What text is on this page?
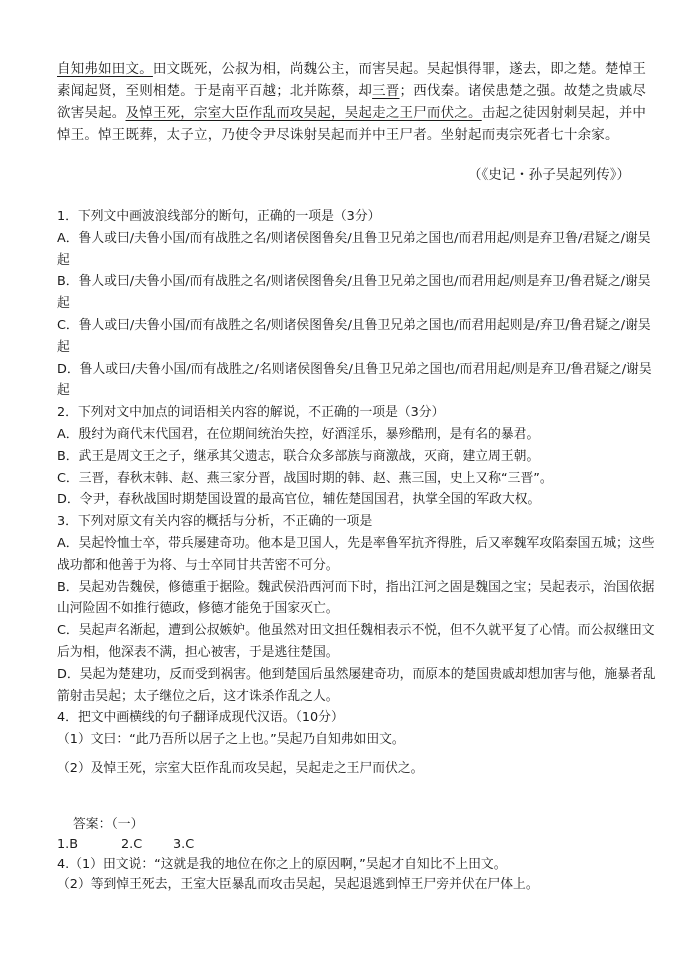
自知弗如田文。田文既死，公叔为相，尚魏公主，而害吴起。吴起惧得罪，遂去，即之楚。楚悼王素闻起贤，至则相楚。于是南平百越；北并陈蔡，却三晋；西伐秦。诸侯患楚之强。故楚之贵戚尽欲害吴起。及悼王死，宗室大臣作乱而攻吴起，吴起走之王尸而伏之。击起之徒因射刺吴起，并中悼王。悼王既葬，太子立，乃使令尹尽诛射吴起而并中王尸者。坐射起而夷宗死者七十余家。

（《史记・孙子吴起列传》）

1．下列文中画波浪线部分的断句，正确的一项是（3分）

A．鲁人或曰/夫鲁小国/而有战胜之名/则诸侯图鲁矣/且鲁卫兄弟之国也/而君用起/则是弃卫鲁/君疑之/谢吴起

B．鲁人或曰/夫鲁小国/而有战胜之名/则诸侯图鲁矣/且鲁卫兄弟之国也/而君用起/则是弃卫/鲁君疑之/谢吴起

C．鲁人或曰/夫鲁小国/而有战胜之名/则诸侯图鲁矣/且鲁卫兄弟之国也/而君用起则是/弃卫/鲁君疑之/谢吴起

D．鲁人或曰/夫鲁小国/而有战胜之/名则诸侯图鲁矣/且鲁卫兄弟之国也/而君用起/则是弃卫/鲁君疑之/谢吴起

2．下列对文中加点的词语相关内容的解说，不正确的一项是（3分）

A．殷纣为商代末代国君，在位期间统治失控，好酒淫乐，暴殄酷刑，是有名的暴君。

B．武王是周文王之子，继承其父遗志，联合众多部族与商激战，灭商，建立周王朝。

C．三晋，春秋末韩、赵、燕三家分晋，战国时期的韩、赵、燕三国，史上又称“三晋”。

D．令尹，春秋战国时期楚国设置的最高官位，辅佐楚国国君，执掌全国的军政大权。

3．下列对原文有关内容的概括与分析，不正确的一项是

A．吴起怜恤士卒，带兵屡建奇功。他本是卫国人，先是率鲁军抗齐得胜，后又率魏军攻陷秦国五城；这些战功都和他善于为将、与士卒同甘共苦密不可分。

B．吴起劝告魏侯，修德重于据险。魏武侯沿西河而下时，指出江河之固是魏国之宝；吴起表示，治国依据山河险固不如推行德政，修德才能免于国家灭亡。

C．吴起声名渐起，遭到公叔嫉妒。他虽然对田文担任魏相表示不悦，但不久就平复了心情。而公叔继田文后为相，他深表不满，担心被害，于是逃往楚国。

D．吴起为楚建功，反而受到祸害。他到楚国后虽然屡建奇功，而原本的楚国贵戚却想加害与他，施暴者乱箭射击吴起；太子继位之后，这才诛杀作乱之人。

4．把文中画横线的句子翻译成现代汉语。（10分）

（1）文曰：“此乃吾所以居子之上也。”吴起乃自知弗如田文。

（2）及悼王死，宗室大臣作乱而攻吴起，吴起走之王尸而伏之。

答案：（一）

1.B	2.C 3.C

4.（1）田文说：“这就是我的地位在你之上的原因啊，”吴起才自知比不上田文。

（2）等到悼王死去，王室大臣暴乱而攻击吴起，吴起退逃到悼王尸旁并伏在尸体上。
